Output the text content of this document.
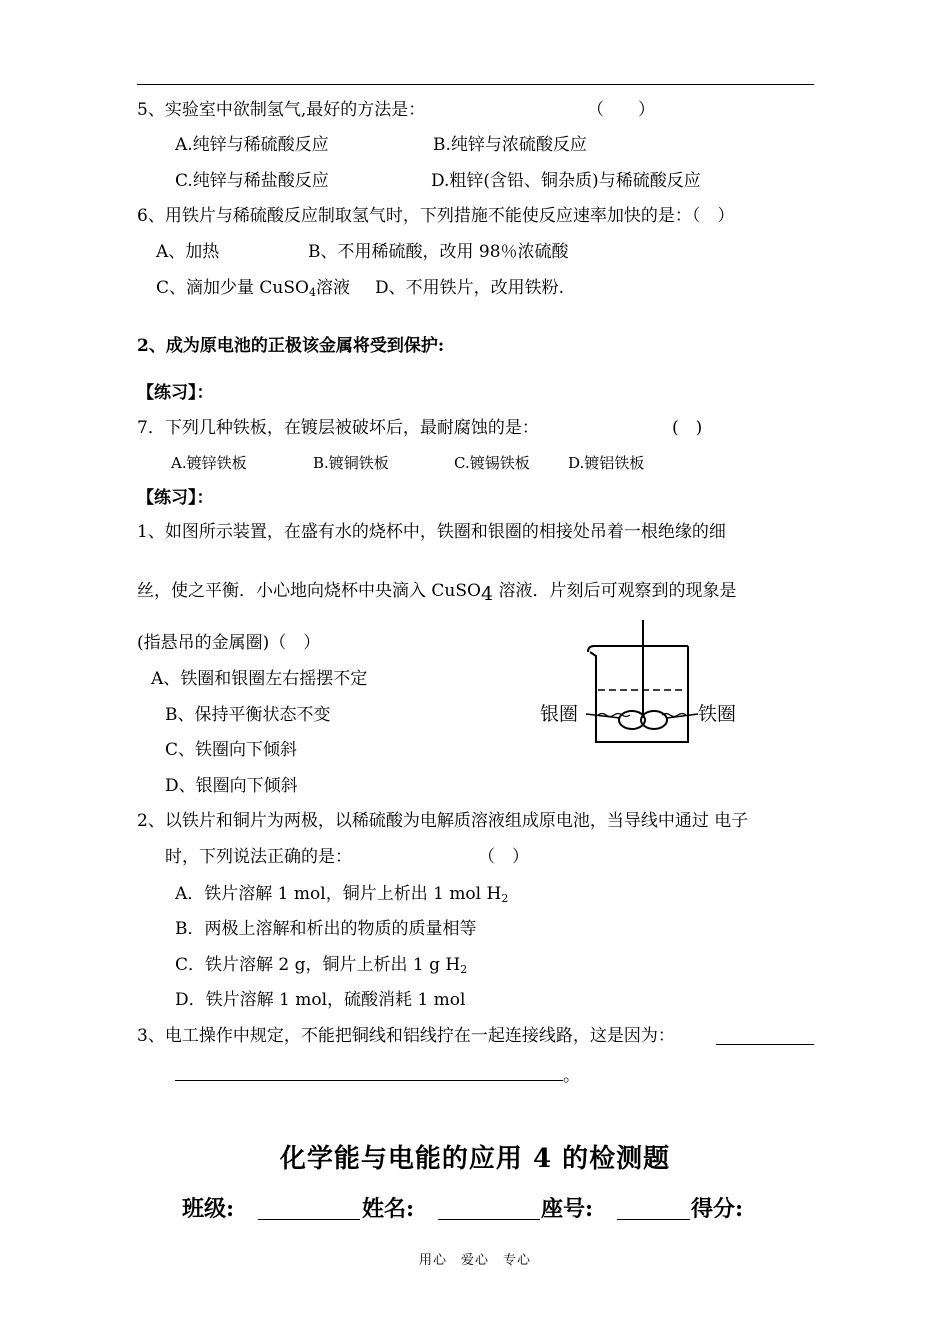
5、实验室中欲制氢气,最好的方法是：	（　　）
A.纯锌与稀硫酸反应	B.纯锌与浓硫酸反应
C.纯锌与稀盐酸反应	D.粗锌(含铅、铜杂质)与稀硫酸反应
6、用铁片与稀硫酸反应制取氢气时，下列措施不能使反应速率加快的是：（　）
A、加热	B、不用稀硫酸，改用 98％浓硫酸
C、滴加少量 CuSO$_4$溶液 D、不用铁片，改用铁粉.
2、成为原电池的正极该金属将受到保护:
【练习】：
7．下列几种铁板，在镀层被破坏后，最耐腐蚀的是：	(　)
A.镀锌铁板	B.镀铜铁板	C.镀锡铁板	D.镀铝铁板
【练习】：
1、如图所示装置，在盛有水的烧杯中，铁圈和银圈的相接处吊着一根绝缘的细
丝，使之平衡．小心地向烧杯中央滴入 CuSO$_4$ 溶液．片刻后可观察到的现象是
(指悬吊的金属圈)（　）
A、铁圈和银圈左右摇摆不定
B、保持平衡状态不变
C、铁圈向下倾斜
D、银圈向下倾斜
银圈	铁圈
2、以铁片和铜片为两极，以稀硫酸为电解质溶液组成原电池，当导线中通过 电子
时，下列说法正确的是：	（　）
A．铁片溶解 1 mol，铜片上析出 1 mol $H_2$
B．两极上溶解和析出的物质的质量相等
C．铁片溶解 2 g，铜片上析出 1 g $H_2$
D．铁片溶解 1 mol，硫酸消耗 1 mol
3、电工操作中规定，不能把铜线和铝线拧在一起连接线路，这是因为：
。
化学能与电能的应用 4 的检测题
班级:	姓名:	座号:	得分:
用心　爱心　专心
